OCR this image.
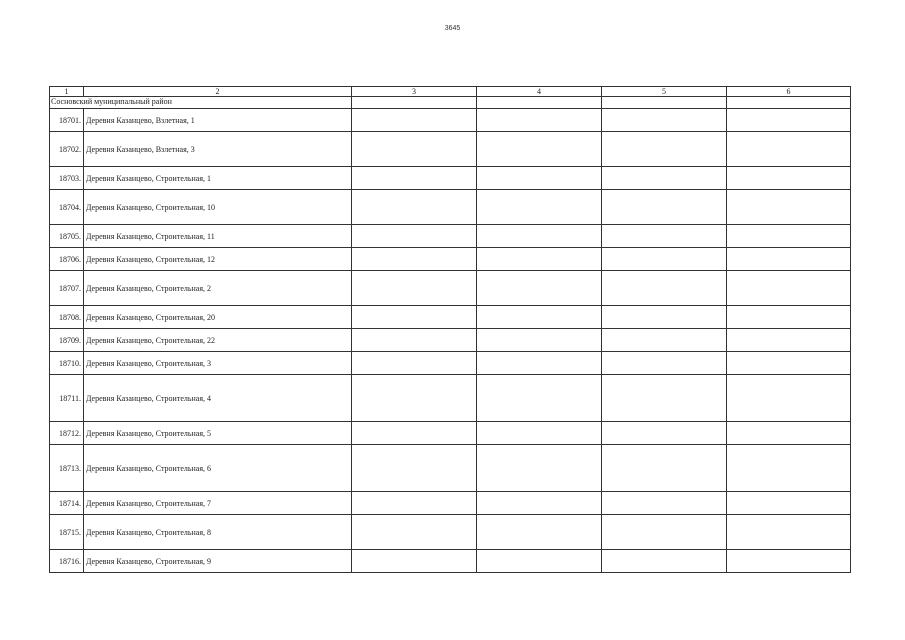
3645
1	2	3	4	5	6
Сосновский муниципальный район					
18701.	Деревня Казанцево, Взлетная, 1				
18702.	Деревня Казанцево, Взлетная, 3				
18703.	Деревня Казанцево, Строительная, 1				
18704.	Деревня Казанцево, Строительная, 10				
18705.	Деревня Казанцево, Строительная, 11				
18706.	Деревня Казанцево, Строительная, 12				
18707.	Деревня Казанцево, Строительная, 2				
18708.	Деревня Казанцево, Строительная, 20				
18709.	Деревня Казанцево, Строительная, 22				
18710.	Деревня Казанцево, Строительная, 3				
18711.	Деревня Казанцево, Строительная, 4				
18712.	Деревня Казанцево, Строительная, 5				
18713.	Деревня Казанцево, Строительная, 6				
18714.	Деревня Казанцево, Строительная, 7				
18715.	Деревня Казанцево, Строительная, 8				
18716.	Деревня Казанцево, Строительная, 9				
